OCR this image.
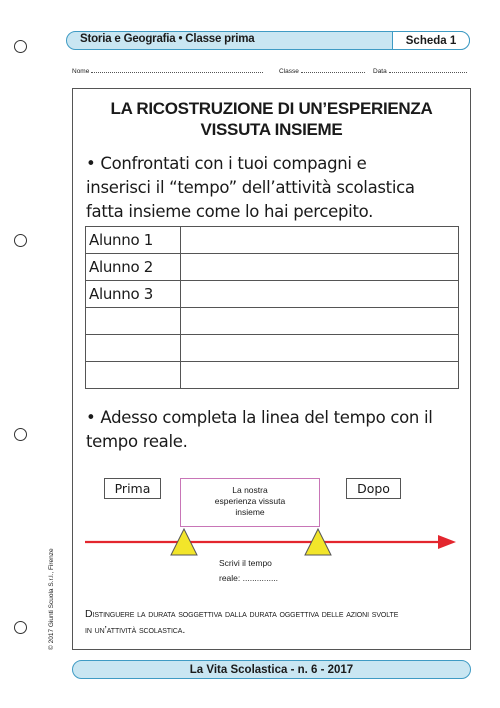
Storia e Geografia • Classe prima	Scheda 1
Nome	Classe	Data
LA RICOSTRUZIONE DI UN’ESPERIENZA
VISSUTA INSIEME
• Confrontati con i tuoi compagni e
inserisci il “tempo” dell’attività scolastica
fatta insieme come lo hai percepito.
Alunno 1	
Alunno 2	
Alunno 3	

• Adesso completa la linea del tempo con il
tempo reale.
Prima	Dopo
La nostra
esperienza vissuta
insieme
Scrivi il tempo
reale: ...............
Distinguere la durata soggettiva dalla durata oggettiva delle azioni svolte
in un’attività scolastica.
© 2017 Giunti Scuola S.r.l., Firenze
La Vita Scolastica - n. 6 - 2017
